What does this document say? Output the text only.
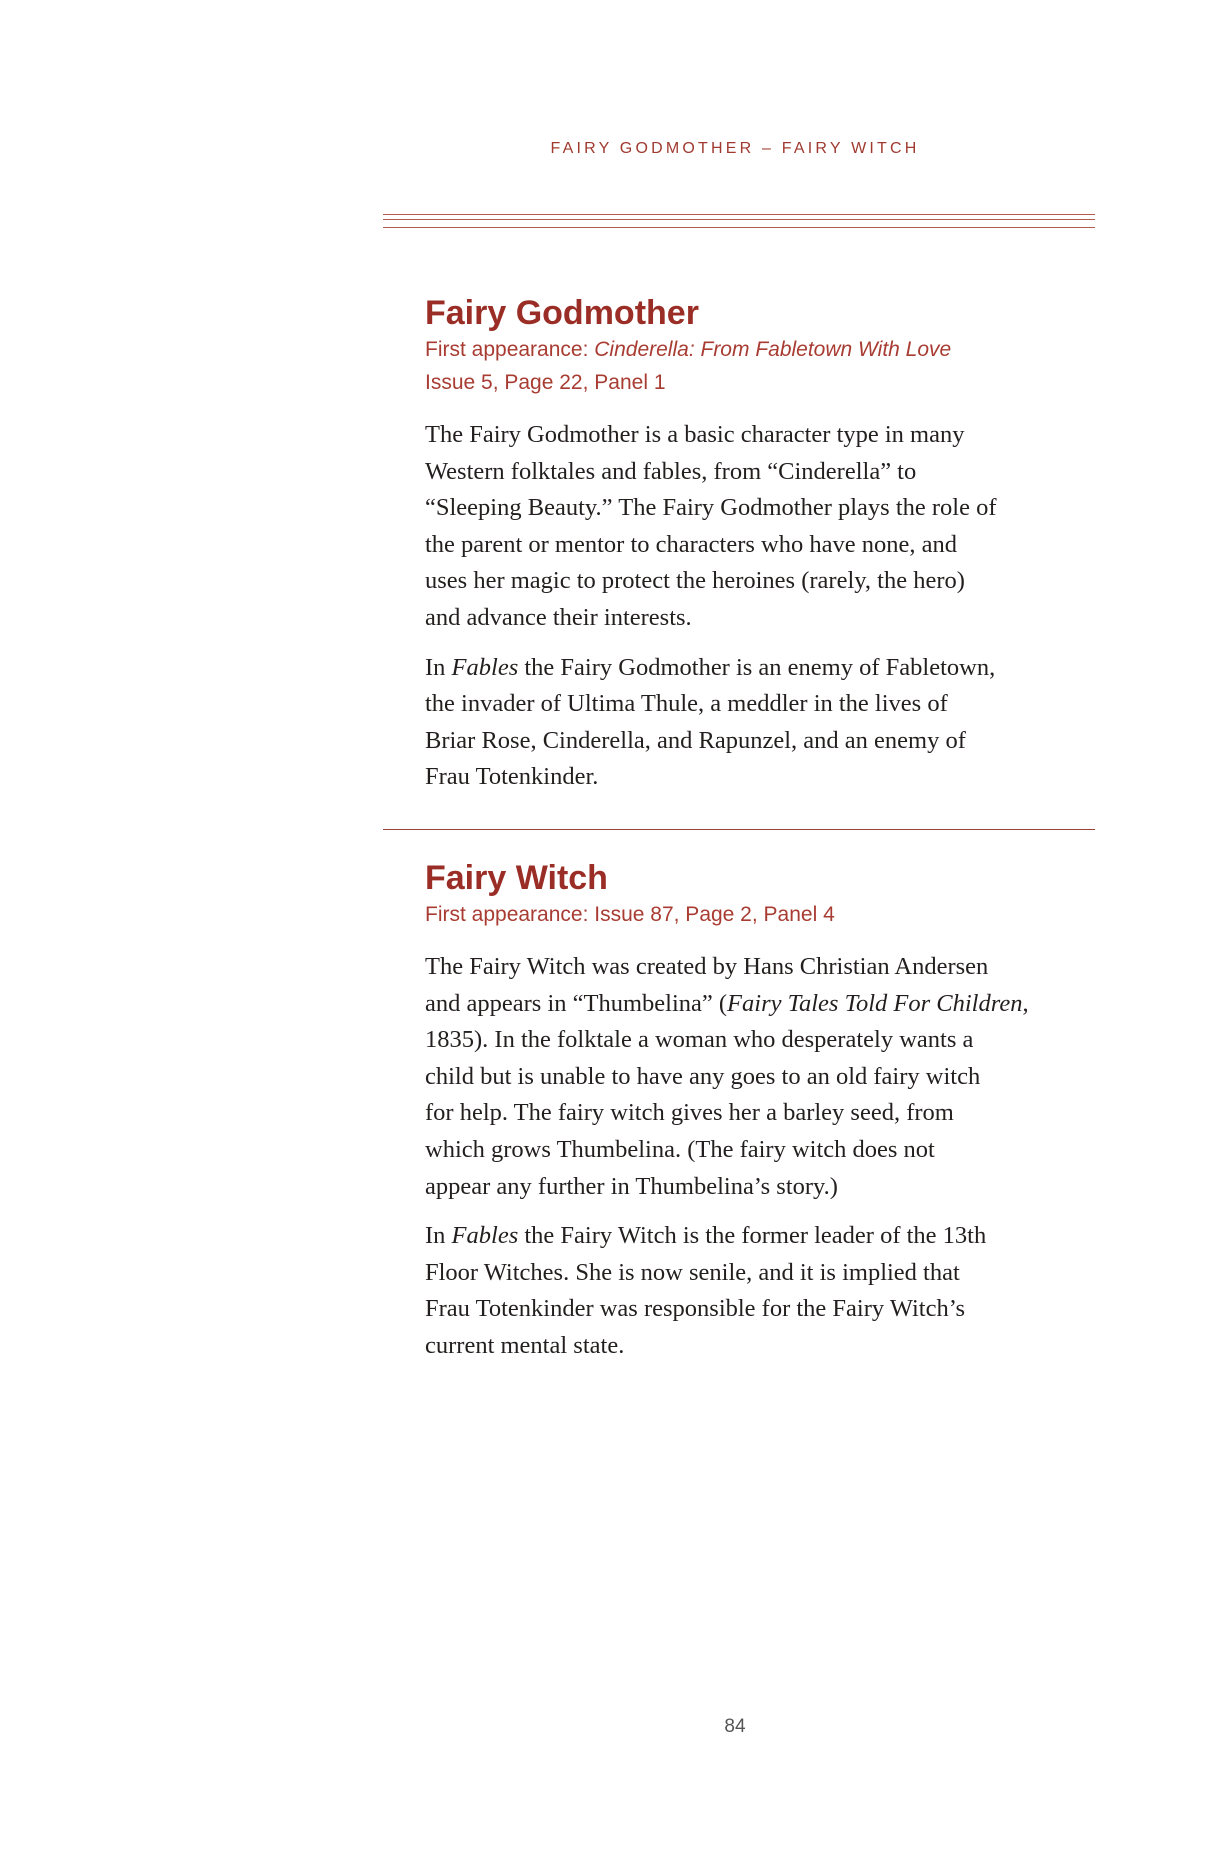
FAIRY GODMOTHER – FAIRY WITCH
Fairy Godmother

First appearance: Cinderella: From Fabletown With Love

Issue 5, Page 22, Panel 1

The Fairy Godmother is a basic character type in many
Western folktales and fables, from “Cinderella” to
“Sleeping Beauty.” The Fairy Godmother plays the role of
the parent or mentor to characters who have none, and
uses her magic to protect the heroines (rarely, the hero)
and advance their interests.

In Fables the Fairy Godmother is an enemy of Fabletown,
the invader of Ultima Thule, a meddler in the lives of
Briar Rose, Cinderella, and Rapunzel, and an enemy of
Frau Totenkinder.

Fairy Witch

First appearance: Issue 87, Page 2, Panel 4

The Fairy Witch was created by Hans Christian Andersen
and appears in “Thumbelina” (Fairy Tales Told For Children,
1835). In the folktale a woman who desperately wants a
child but is unable to have any goes to an old fairy witch
for help. The fairy witch gives her a barley seed, from
which grows Thumbelina. (The fairy witch does not
appear any further in Thumbelina’s story.)

In Fables the Fairy Witch is the former leader of the 13th
Floor Witches. She is now senile, and it is implied that
Frau Totenkinder was responsible for the Fairy Witch’s
current mental state.

84
